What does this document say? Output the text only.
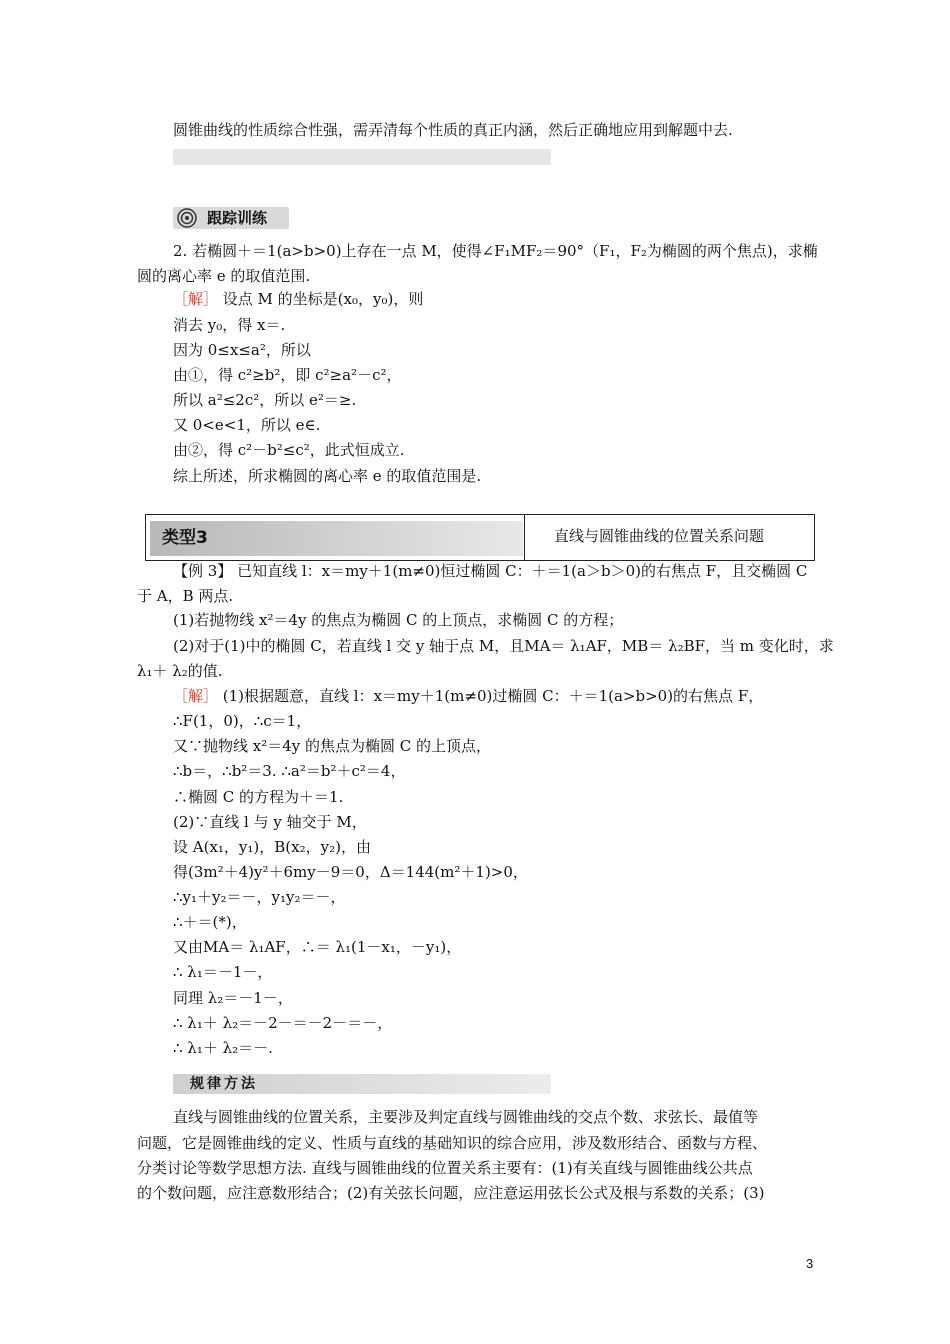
圆锥曲线的性质综合性强，需弄清每个性质的真正内涵，然后正确地应用到解题中去.
跟踪训练
2. 若椭圆＋＝1(a>b>0)上存在一点 M，使得∠F₁MF₂＝90°（F₁，F₂为椭圆的两个焦点)，求椭
圆的离心率 e 的取值范围.
［解］ 设点 M 的坐标是(x₀，y₀)，则
消去 y₀，得 x＝.
因为 0≤x≤a²，所以
由①，得 c²≥b²，即 c²≥a²－c²，
所以 a²≤2c²，所以 e²＝≥.
又 0<e<1，所以 e∈.
由②，得 c²－b²≤c²，此式恒成立.
综上所述，所求椭圆的离心率 e 的取值范围是.
类型3	直线与圆锥曲线的位置关系问题
【例 3】 已知直线 l：x＝my＋1(m≠0)恒过椭圆 C：＋＝1(a＞b＞0)的右焦点 F，且交椭圆 C
于 A，B 两点.
(1)若抛物线 x²＝4y 的焦点为椭圆 C 的上顶点，求椭圆 C 的方程；
(2)对于(1)中的椭圆 C，若直线 l 交 y 轴于点 M，且MA＝ λ₁AF，MB＝ λ₂BF，当 m 变化时，求
λ₁＋ λ₂的值.
［解］ (1)根据题意，直线 l：x＝my＋1(m≠0)过椭圆 C：＋＝1(a>b>0)的右焦点 F，
∴F(1，0)，∴c＝1，
又∵抛物线 x²＝4y 的焦点为椭圆 C 的上顶点，
∴b＝，∴b²＝3. ∴a²＝b²＋c²＝4，
∴椭圆 C 的方程为＋＝1.
(2)∵直线 l 与 y 轴交于 M，
设 A(x₁，y₁)，B(x₂，y₂)，由
得(3m²＋4)y²＋6my－9＝0，Δ＝144(m²＋1)>0，
∴y₁＋y₂＝－，y₁y₂＝－，
∴＋＝(*)，
又由MA＝ λ₁AF，∴＝ λ₁(1－x₁，－y₁)，
∴ λ₁＝－1－，
同理 λ₂＝－1－，
∴ λ₁＋ λ₂＝－2－＝－2－＝－，
∴ λ₁＋ λ₂＝－.
规律方法
直线与圆锥曲线的位置关系，主要涉及判定直线与圆锥曲线的交点个数、求弦长、最值等
问题，它是圆锥曲线的定义、性质与直线的基础知识的综合应用，涉及数形结合、函数与方程、
分类讨论等数学思想方法. 直线与圆锥曲线的位置关系主要有：(1)有关直线与圆锥曲线公共点
的个数问题，应注意数形结合；(2)有关弦长问题，应注意运用弦长公式及根与系数的关系；(3)
3
